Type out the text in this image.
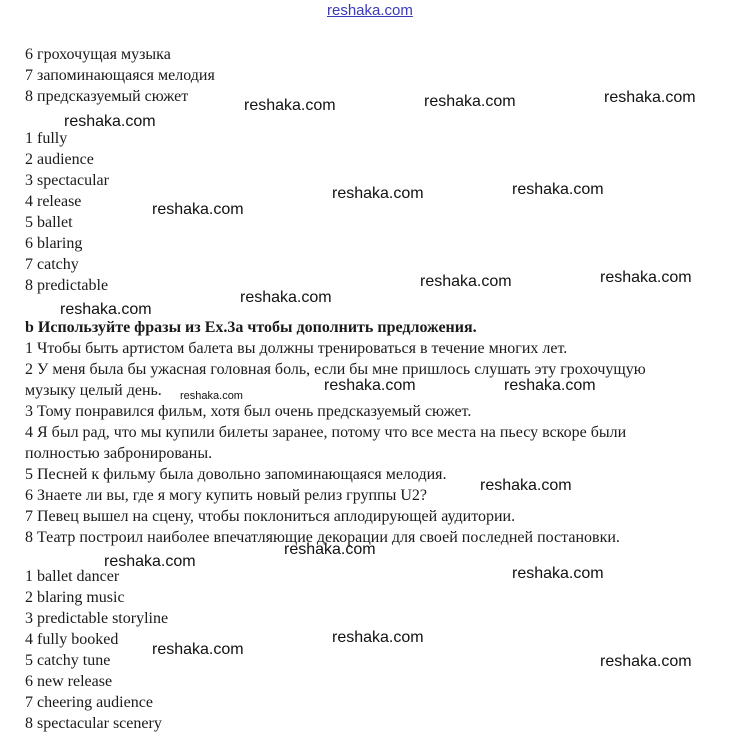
reshaka.com

6 грохочущая музыка

7 запоминающаяся мелодия

8 предсказуемый сюжет

1 fully

2 audience

3 spectacular

4 release

5 ballet

6 blaring

7 catchy

8 predictable

b Используйте фразы из Ex.3a чтобы дополнить предложения.

1 Чтобы быть артистом балета вы должны тренироваться в течение многих лет.

2 У меня была бы ужасная головная боль, если бы мне пришлось слушать эту грохочущую

музыку целый день.

3 Тому понравился фильм, хотя был очень предсказуемый сюжет.

4 Я был рад, что мы купили билеты заранее, потому что все места на пьесу вскоре были

полностью забронированы.

5 Песней к фильму была довольно запоминающаяся мелодия.

6 Знаете ли вы, где я могу купить новый релиз группы U2?

7 Певец вышел на сцену, чтобы поклониться аплодирующей аудитории.

8 Театр построил наиболее впечатляющие декорации для своей последней постановки.

1 ballet dancer

2 blaring music

3 predictable storyline

4 fully booked

5 catchy tune

6 new release

7 cheering audience

8 spectacular scenery

reshaka.com	reshaka.com	reshaka.com
reshaka.com
reshaka.com	reshaka.com
reshaka.com
reshaka.com	reshaka.com
reshaka.com
reshaka.com
reshaka.com	reshaka.com
reshaka.com
reshaka.com
reshaka.com
reshaka.com
reshaka.com
reshaka.com
reshaka.com
reshaka.com
